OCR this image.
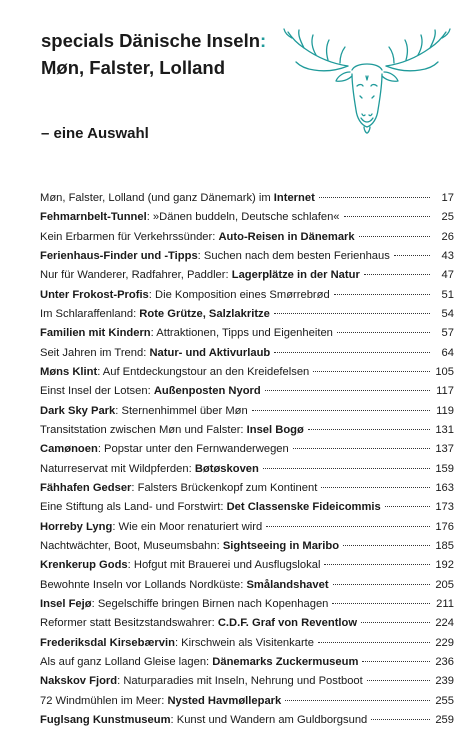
specials Dänische Inseln:
Møn, Falster, Lolland
– eine Auswahl
Møn, Falster, Lolland (und ganz Dänemark) im Internet	17
Fehmarnbelt-Tunnel: »Dänen buddeln, Deutsche schlafen«	25
Kein Erbarmen für Verkehrssünder: Auto-Reisen in Dänemark	26
Ferienhaus-Finder und -Tipps: Suchen nach dem besten Ferienhaus	43
Nur für Wanderer, Radfahrer, Paddler: Lagerplätze in der Natur	47
Unter Frokost-Profis: Die Komposition eines Smørrebrød	51
Im Schlaraffenland: Rote Grütze, Salzlakritze	54
Familien mit Kindern: Attraktionen, Tipps und Eigenheiten	57
Seit Jahren im Trend: Natur- und Aktivurlaub	64
Møns Klint: Auf Entdeckungstour an den Kreidefelsen	105
Einst Insel der Lotsen: Außenposten Nyord	117
Dark Sky Park: Sternenhimmel über Møn	119
Transitstation zwischen Møn und Falster: Insel Bogø	131
Camønoen: Popstar unter den Fernwanderwegen	137
Naturreservat mit Wildpferden: Bøtøskoven	159
Fähhafen Gedser: Falsters Brückenkopf zum Kontinent	163
Eine Stiftung als Land- und Forstwirt: Det Classenske Fideicommis	173
Horreby Lyng: Wie ein Moor renaturiert wird	176
Nachtwächter, Boot, Museumsbahn: Sightseeing in Maribo	185
Krenkerup Gods: Hofgut mit Brauerei und Ausflugslokal	192
Bewohnte Inseln vor Lollands Nordküste: Smålandshavet	205
Insel Fejø: Segelschiffe bringen Birnen nach Kopenhagen	211
Reformer statt Besitzstandswahrer: C.D.F. Graf von Reventlow	224
Frederiksdal Kirsebærvin: Kirschwein als Visitenkarte	229
Als auf ganz Lolland Gleise lagen: Dänemarks Zuckermuseum	236
Nakskov Fjord: Naturparadies mit Inseln, Nehrung und Postboot	239
72 Windmühlen im Meer: Nysted Havmøllepark	255
Fuglsang Kunstmuseum: Kunst und Wandern am Guldborgsund	259
